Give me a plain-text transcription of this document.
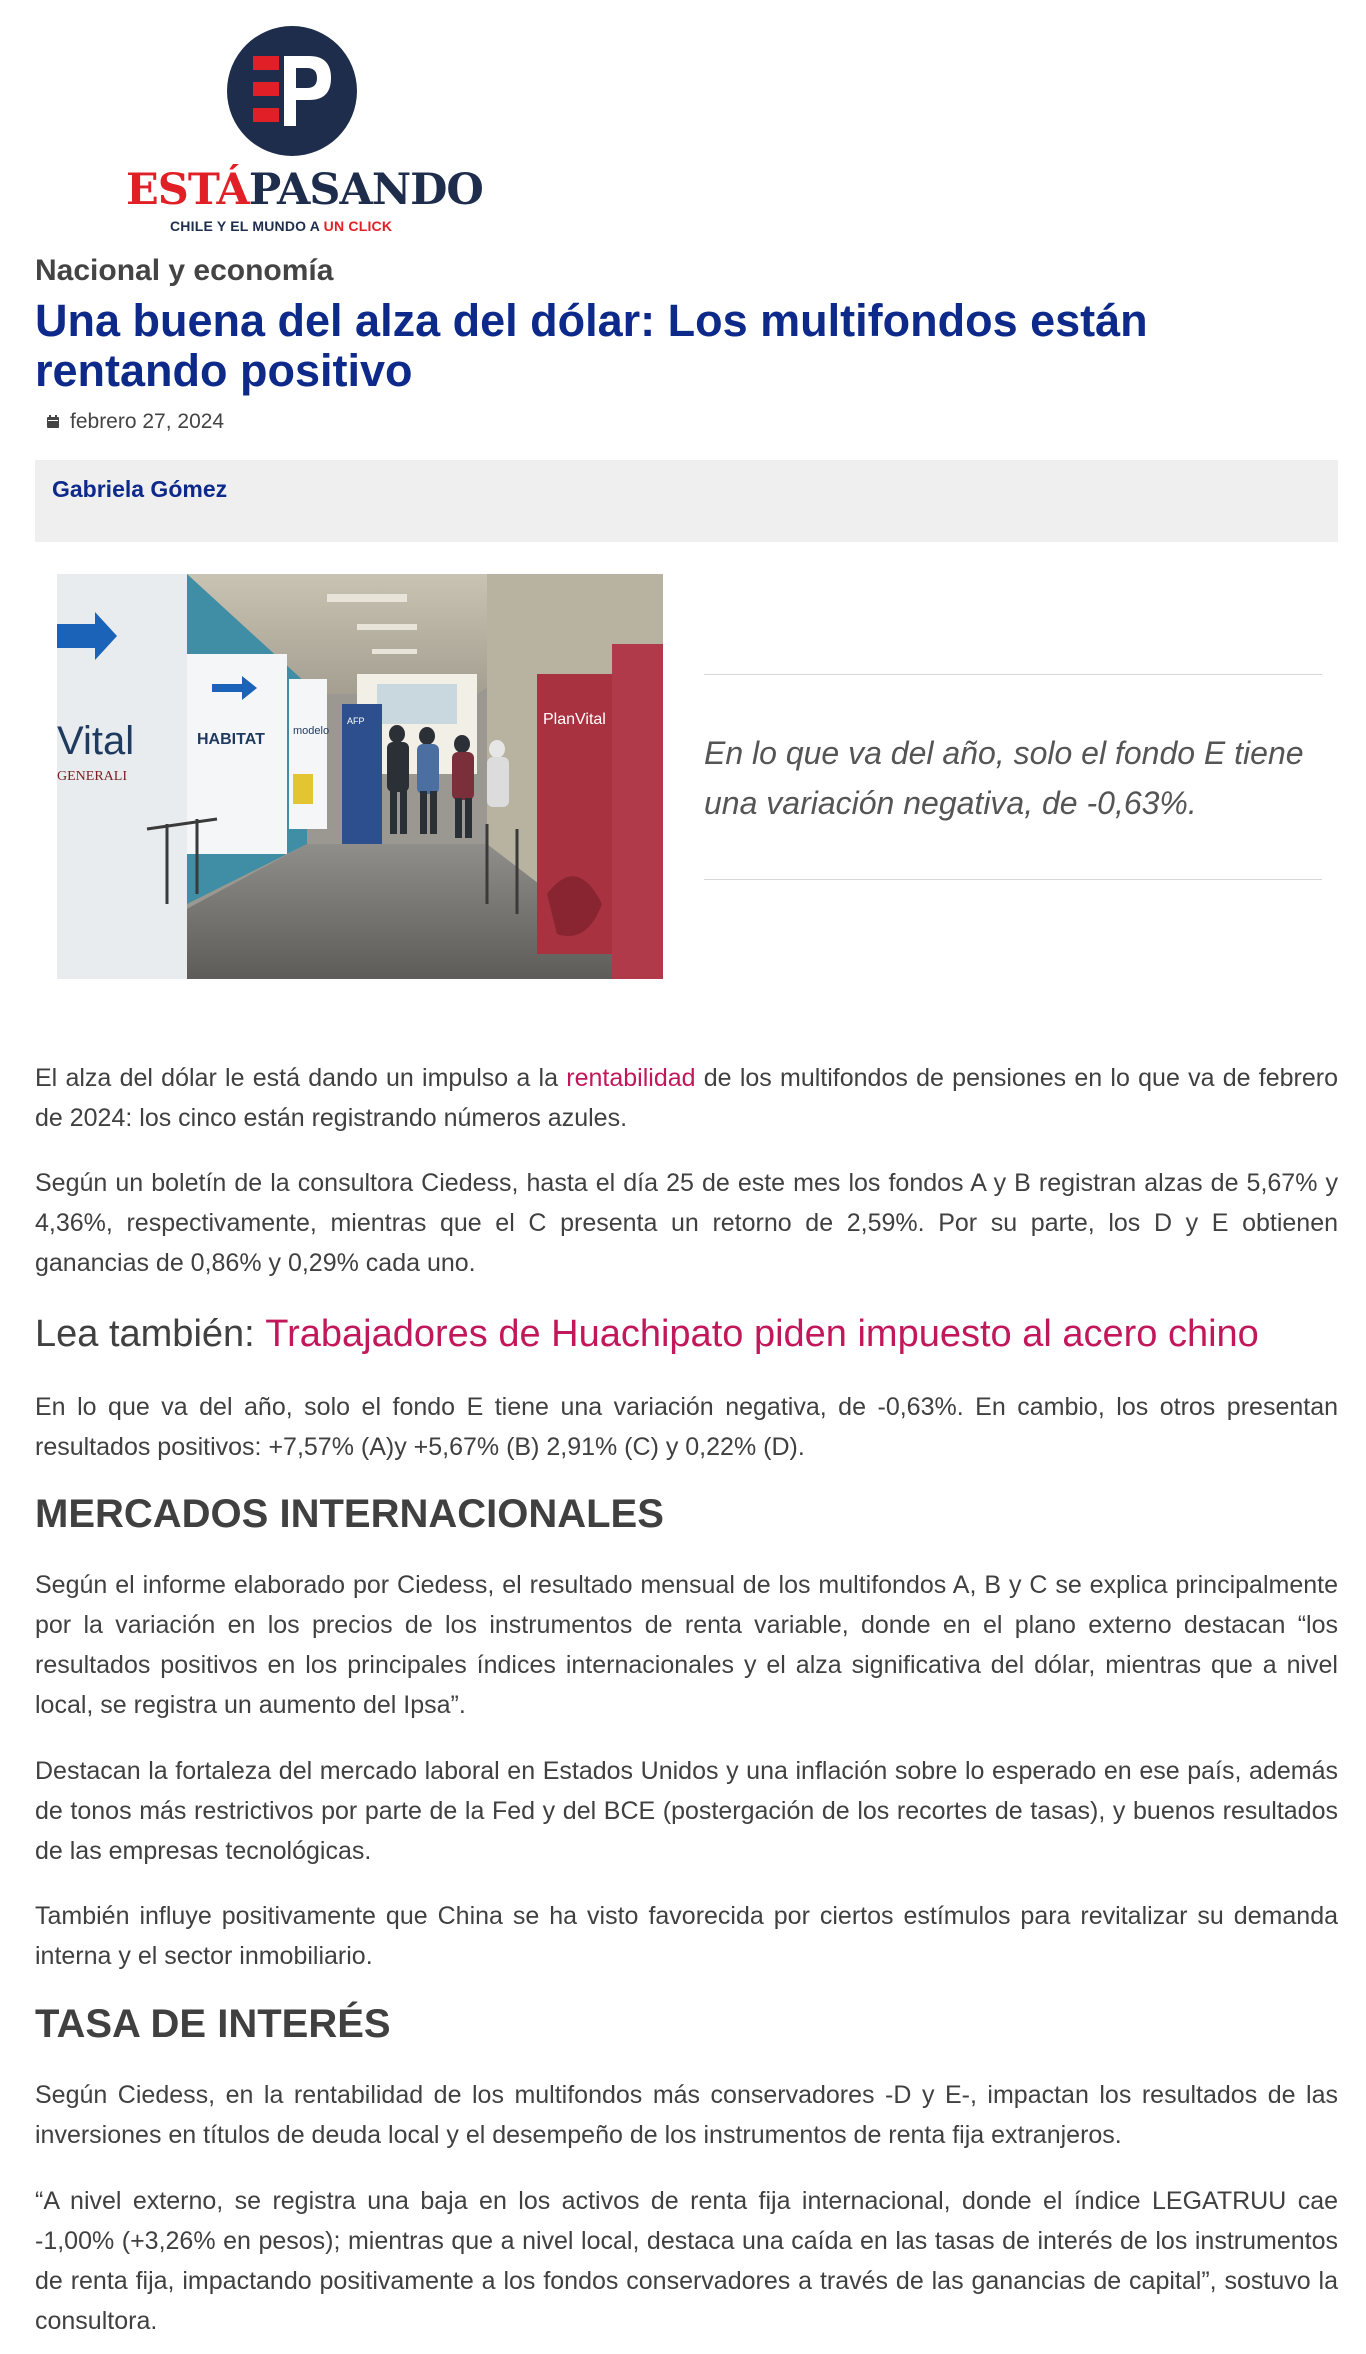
ESTÁPASANDO
CHILE Y EL MUNDO A UN CLICK
Nacional y economía
Una buena del alza del dólar: Los multifondos están rentando positivo
febrero 27, 2024
Gabriela Gómez
Vital
GENERALI
HABITAT	modelo
AFP	PlanVital

En lo que va del año, solo el fondo E tiene una variación negativa, de -0,63%.

El alza del dólar le está dando un impulso a la rentabilidad de los multifondos de pensiones en lo que va de febrero de 2024: los cinco están registrando números azules.

Según un boletín de la consultora Ciedess, hasta el día 25 de este mes los fondos A y B registran alzas de 5,67% y 4,36%, respectivamente, mientras que el C presenta un retorno de 2,59%. Por su parte, los D y E obtienen ganancias de 0,86% y 0,29% cada uno.

Lea también: Trabajadores de Huachipato piden impuesto al acero chino

En lo que va del año, solo el fondo E tiene una variación negativa, de -0,63%. En cambio, los otros presentan resultados positivos: +7,57% (A)y +5,67% (B) 2,91% (C) y 0,22% (D).

MERCADOS INTERNACIONALES

Según el informe elaborado por Ciedess, el resultado mensual de los multifondos A, B y C se explica principalmente por la variación en los precios de los instrumentos de renta variable, donde en el plano externo destacan “los resultados positivos en los principales índices internacionales y el alza significativa del dólar, mientras que a nivel local, se registra un aumento del Ipsa”.

Destacan la fortaleza del mercado laboral en Estados Unidos y una inflación sobre lo esperado en ese país, además de tonos más restrictivos por parte de la Fed y del BCE (postergación de los recortes de tasas), y buenos resultados de las empresas tecnológicas.

También influye positivamente que China se ha visto favorecida por ciertos estímulos para revitalizar su demanda interna y el sector inmobiliario.

TASA DE INTERÉS

Según Ciedess, en la rentabilidad de los multifondos más conservadores -D y E-, impactan los resultados de las inversiones en títulos de deuda local y el desempeño de los instrumentos de renta fija extranjeros.

“A nivel externo, se registra una baja en los activos de renta fija internacional, donde el índice LEGATRUU cae -1,00% (+3,26% en pesos); mientras que a nivel local, destaca una caída en las tasas de interés de los instrumentos de renta fija, impactando positivamente a los fondos conservadores a través de las ganancias de capital”, sostuvo la consultora.
